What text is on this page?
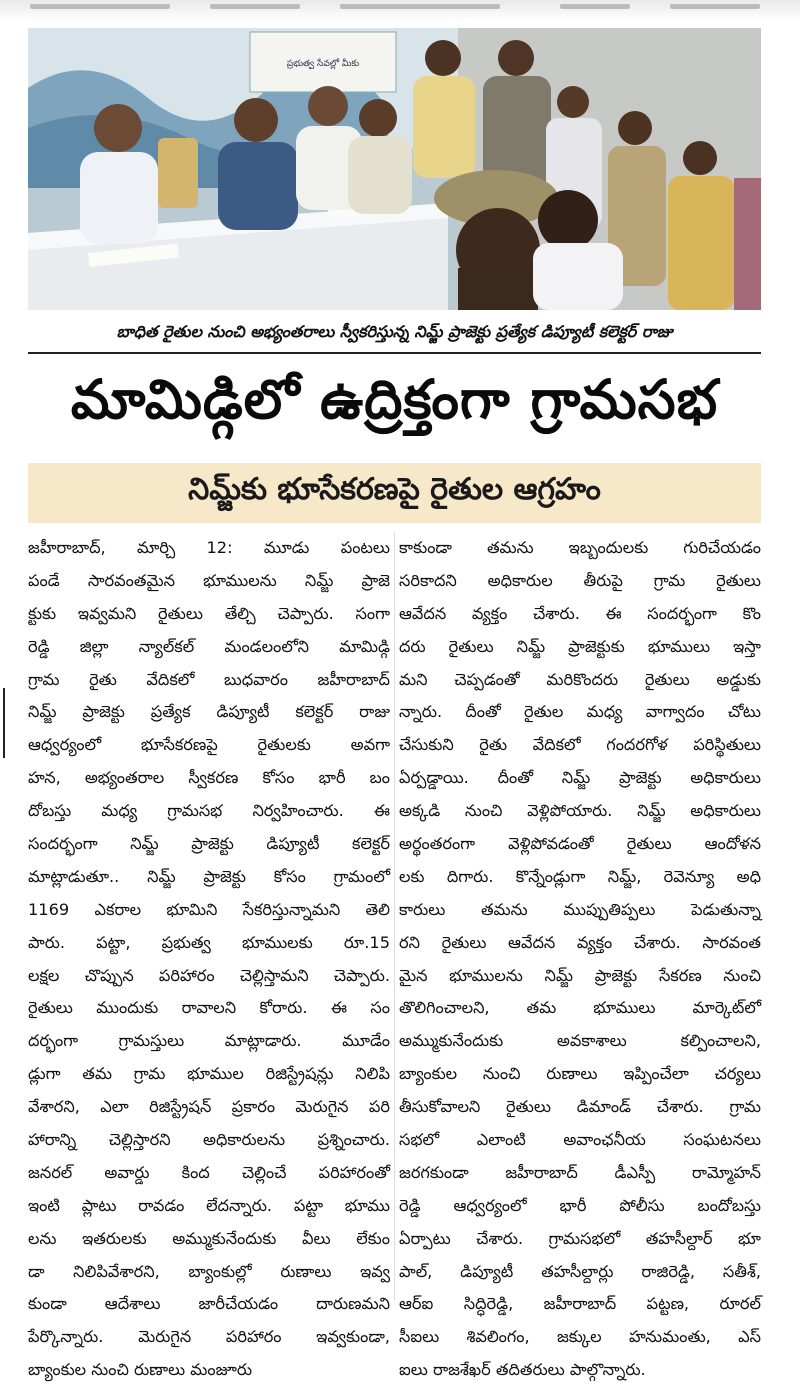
ప్రభుత్వ సేవల్లో మీకు
బాధిత రైతుల నుంచి అభ్యంతరాలు స్వీకరిస్తున్న నిమ్జ్ ప్రాజెక్టు ప్రత్యేక డిప్యూటీ కలెక్టర్ రాజు
మామిడ్గిలో ఉద్రిక్తంగా గ్రామసభ
నిమ్జ్‌కు భూసేకరణపై రైతుల ఆగ్రహం
జహీరాబాద్, మార్చి 12: మూడు పంటలు
పండే సారవంతమైన భూములను నిమ్జ్ ప్రాజె
క్టుకు ఇవ్వమని రైతులు తేల్చి చెప్పారు. సంగా
రెడ్డి జిల్లా న్యాల్‌కల్ మండలంలోని మామిడ్గి
గ్రామ రైతు వేదికలో బుధవారం జహీరాబాద్
నిమ్జ్ ప్రాజెక్టు ప్రత్యేక డిప్యూటీ కలెక్టర్ రాజు
ఆధ్వర్యంలో భూసేకరణపై రైతులకు అవగా
హన, అభ్యంతరాల స్వీకరణ కోసం భారీ బం
దోబస్తు మధ్య గ్రామసభ నిర్వహించారు. ఈ
సందర్భంగా నిమ్జ్ ప్రాజెక్టు డిప్యూటీ కలెక్టర్
మాట్లాడుతూ.. నిమ్జ్ ప్రాజెక్టు కోసం గ్రామంలో
1169 ఎకరాల భూమిని సేకరిస్తున్నామని తెలి
పారు. పట్టా, ప్రభుత్వ భూములకు రూ.15
లక్షల చొప్పున పరిహారం చెల్లిస్తామని చెప్పారు.
రైతులు ముందుకు రావాలని కోరారు. ఈ సం
దర్భంగా గ్రామస్తులు మాట్లాడారు. మూడేం
డ్లుగా తమ గ్రామ భూముల రిజిస్ట్రేషన్లు నిలిపి
వేశారని, ఎలా రిజిస్ట్రేషన్ ప్రకారం మెరుగైన పరి
హారాన్ని చెల్లిస్తారని అధికారులను ప్రశ్నించారు.
జనరల్ అవార్డు కింద చెల్లించే పరిహారంతో
ఇంటి ప్లాటు రావడం లేదన్నారు. పట్టా భూము
లను ఇతరులకు అమ్ముకునేందుకు వీలు లేకుం
డా నిలిపివేశారని, బ్యాంకుల్లో రుణాలు ఇవ్వ
కుండా ఆదేశాలు జారీచేయడం దారుణమని
పేర్కొన్నారు. మెరుగైన పరిహారం ఇవ్వకుండా,
బ్యాంకుల నుంచి రుణాలు మంజూరు
కాకుండా తమను ఇబ్బందులకు గురిచేయడం
సరికాదని అధికారుల తీరుపై గ్రామ రైతులు
ఆవేదన వ్యక్తం చేశారు. ఈ సందర్భంగా కొం
దరు రైతులు నిమ్జ్ ప్రాజెక్టుకు భూములు ఇస్తా
మని చెప్పడంతో మరికొందరు రైతులు అడ్డుకు
న్నారు. దీంతో రైతుల మధ్య వాగ్వాదం చోటు
చేసుకుని రైతు వేదికలో గందరగోళ పరిస్థితులు
ఏర్పడ్డాయి. దీంతో నిమ్జ్ ప్రాజెక్టు అధికారులు
అక్కడి నుంచి వెళ్లిపోయారు. నిమ్జ్ అధికారులు
అర్థంతరంగా వెళ్లిపోవడంతో రైతులు ఆందోళన
లకు దిగారు. కొన్నేండ్లుగా నిమ్జ్, రెవెన్యూ అధి
కారులు తమను ముప్పుతిప్పలు పెడుతున్నా
రని రైతులు ఆవేదన వ్యక్తం చేశారు. సారవంత
మైన భూములను నిమ్జ్ ప్రాజెక్టు సేకరణ నుంచి
తొలిగించాలని, తమ భూములు మార్కెట్‌లో
అమ్ముకునేందుకు అవకాశాలు కల్పించాలని,
బ్యాంకుల నుంచి రుణాలు ఇప్పించేలా చర్యలు
తీసుకోవాలని రైతులు డిమాండ్ చేశారు. గ్రామ
సభలో ఎలాంటి అవాంఛనీయ సంఘటనలు
జరగకుండా జహీరాబాద్ డీఎస్పీ రామ్మోహన్
రెడ్డి ఆధ్వర్యంలో భారీ పోలీసు బందోబస్తు
ఏర్పాటు చేశారు. గ్రామసభలో తహసీల్దార్ భూ
పాల్, డిప్యూటీ తహసీల్దార్లు రాజిరెడ్డి, సతీశ్,
ఆర్‌ఐ సిద్ధిరెడ్డి, జహీరాబాద్ పట్టణ, రూరల్
సీఐలు శివలింగం, జక్కుల హనుమంతు, ఎస్
ఐలు రాజశేఖర్ తదితరులు పాల్గొన్నారు.
